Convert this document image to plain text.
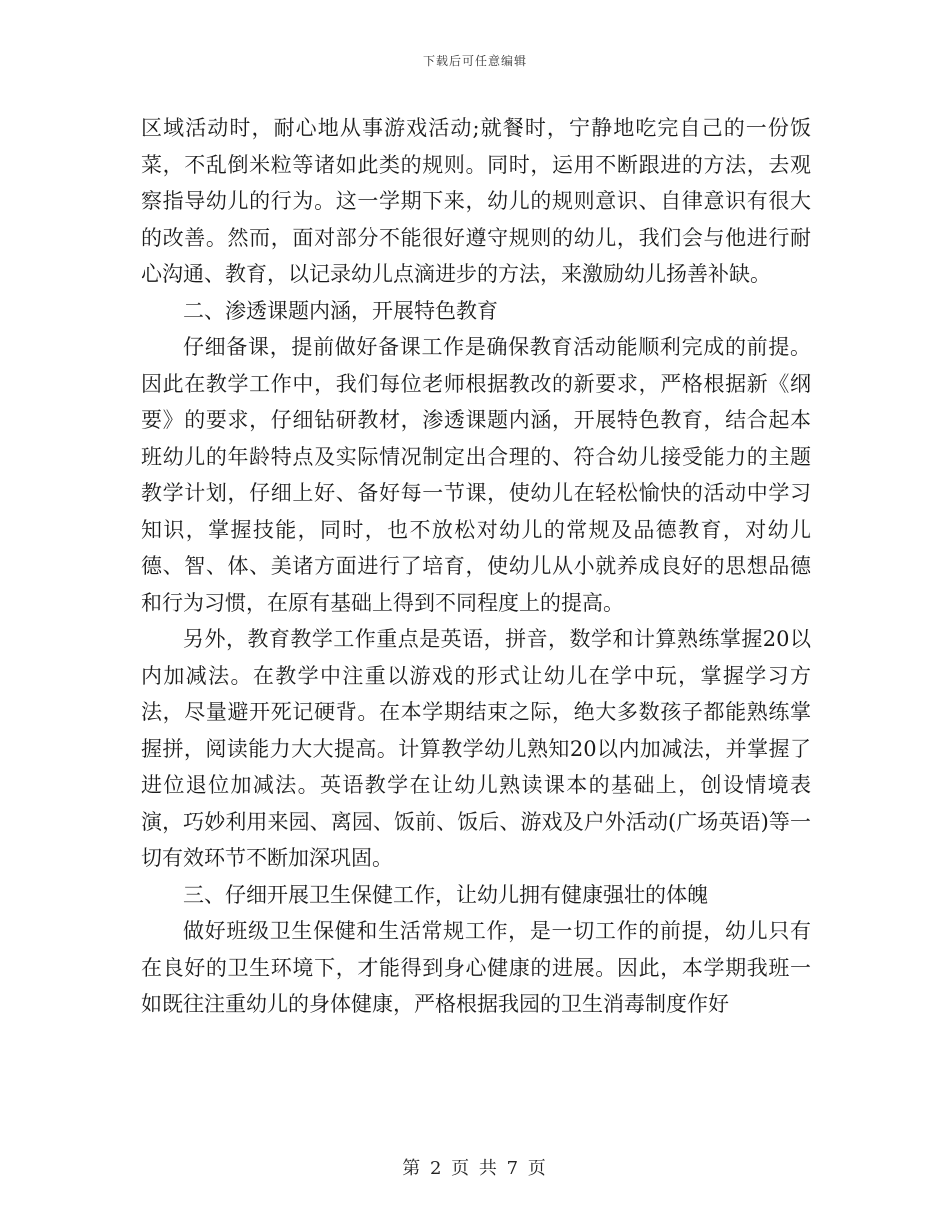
下载后可任意编辑

区域活动时，耐心地从事游戏活动;就餐时，宁静地吃完自己的一份饭菜，不乱倒米粒等诸如此类的规则。同时，运用不断跟进的方法，去观察指导幼儿的行为。这一学期下来，幼儿的规则意识、自律意识有很大的改善。然而，面对部分不能很好遵守规则的幼儿，我们会与他进行耐心沟通、教育，以记录幼儿点滴进步的方法，来激励幼儿扬善补缺。

二、渗透课题内涵，开展特色教育

仔细备课，提前做好备课工作是确保教育活动能顺利完成的前提。因此在教学工作中，我们每位老师根据教改的新要求，严格根据新《纲要》的要求，仔细钻研教材，渗透课题内涵，开展特色教育，结合起本班幼儿的年龄特点及实际情况制定出合理的、符合幼儿接受能力的主题教学计划，仔细上好、备好每一节课，使幼儿在轻松愉快的活动中学习知识，掌握技能，同时，也不放松对幼儿的常规及品德教育，对幼儿德、智、体、美诸方面进行了培育，使幼儿从小就养成良好的思想品德和行为习惯，在原有基础上得到不同程度上的提高。

另外，教育教学工作重点是英语，拼音，数学和计算熟练掌握20以内加减法。在教学中注重以游戏的形式让幼儿在学中玩，掌握学习方法，尽量避开死记硬背。在本学期结束之际，绝大多数孩子都能熟练掌握拼，阅读能力大大提高。计算教学幼儿熟知20以内加减法，并掌握了进位退位加减法。英语教学在让幼儿熟读课本的基础上，创设情境表演，巧妙利用来园、离园、饭前、饭后、游戏及户外活动(广场英语)等一切有效环节不断加深巩固。

三、仔细开展卫生保健工作，让幼儿拥有健康强壮的体魄

做好班级卫生保健和生活常规工作，是一切工作的前提，幼儿只有在良好的卫生环境下，才能得到身心健康的进展。因此，本学期我班一如既往注重幼儿的身体健康，严格根据我园的卫生消毒制度作好

第 2 页 共 7 页
